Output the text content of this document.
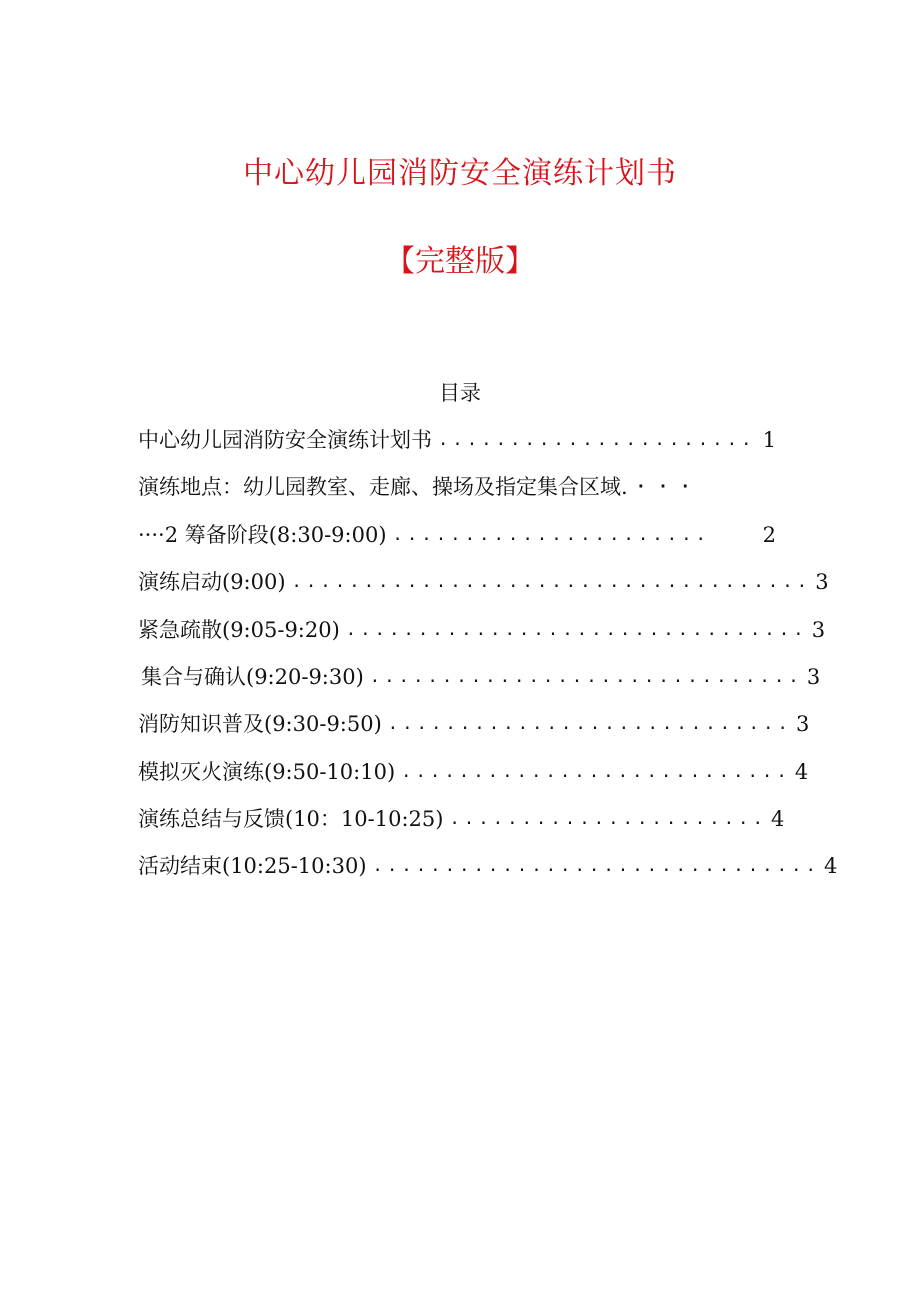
中心幼儿园消防安全演练计划书
【完整版】
目录
中心幼儿园消防安全演练计划书 ...................... 1
演练地点：幼儿园教室、走廊、操场及指定集合区域. ···
····2 筹备阶段(8:30-9:00) ......................	2
演练启动(9:00) .................................... 3
紧急疏散(9:05-9:20) ................................ 3
集合与确认(9:20-9:30) .............................. 3
消防知识普及(9:30-9:50) ............................ 3
模拟灭火演练(9:50-10:10) ........................... 4
演练总结与反馈(10：10-10:25) ...................... 4
活动结束(10:25-10:30) ............................... 4
